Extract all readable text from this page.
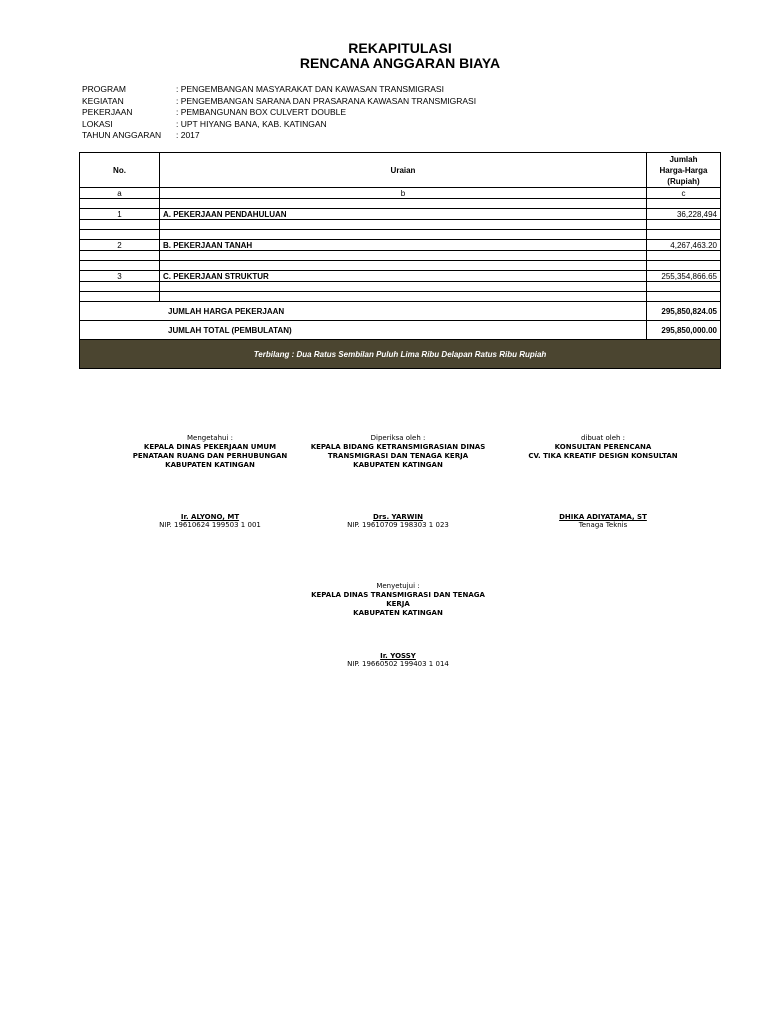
REKAPITULASI
RENCANA ANGGARAN BIAYA
PROGRAM	: PENGEMBANGAN MASYARAKAT DAN KAWASAN TRANSMIGRASI
KEGIATAN	: PENGEMBANGAN SARANA DAN PRASARANA KAWASAN TRANSMIGRASI
PEKERJAAN	: PEMBANGUNAN BOX CULVERT DOUBLE
LOKASI	: UPT HIYANG BANA, KAB. KATINGAN
TAHUN ANGGARAN	: 2017
No.	Uraian	Jumlah
Harga-Harga
(Rupiah)

a	b	c

1	A. PEKERJAAN PENDAHULUAN	36,228,494

2	B. PEKERJAAN TANAH	4,267,463.20

3	C. PEKERJAAN STRUKTUR	255,354,866.65

JUMLAH HARGA PEKERJAAN		295,850,824.05
JUMLAH TOTAL (PEMBULATAN)		295,850,000.00
Terbilang : Dua Ratus Sembilan Puluh Lima Ribu Delapan Ratus Ribu Rupiah		
Mengetahui :
KEPALA DINAS PEKERJAAN UMUM
PENATAAN RUANG DAN PERHUBUNGAN
KABUPATEN KATINGAN
Ir. ALYONO, MT
NIP. 19610624 199503 1 001
Diperiksa oleh :
KEPALA BIDANG KETRANSMIGRASIAN DINAS
TRANSMIGRASI DAN TENAGA KERJA
KABUPATEN KATINGAN
Drs. YARWIN
NIP. 19610709 198303 1 023
dibuat oleh :
KONSULTAN PERENCANA
CV. TIKA KREATIF DESIGN KONSULTAN
DHIKA ADIYATAMA, ST
Tenaga Teknis
Menyetujui :
KEPALA DINAS TRANSMIGRASI DAN TENAGA
KERJA
KABUPATEN KATINGAN
Ir. YOSSY
NIP. 19660502 199403 1 014
